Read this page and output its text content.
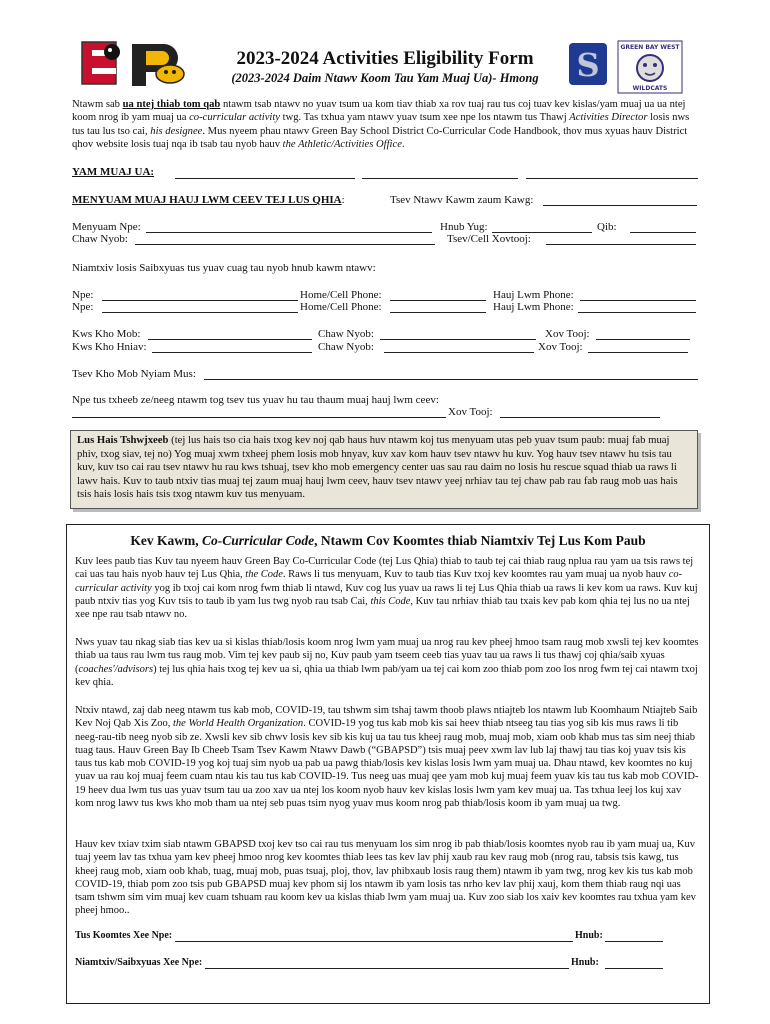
S	GREEN BAY WEST
WILDCATS
2023-2024 Activities Eligibility Form
(2023-2024 Daim Ntawv Koom Tau Yam Muaj Ua)- Hmong
Ntawm sab ua ntej thiab tom qab ntawm tsab ntawv no yuav tsum ua kom tiav thiab xa rov tuaj rau tus coj tuav kev kislas/yam muaj ua ua ntej koom nrog ib yam muaj ua co-curricular activity twg. Tas txhua yam ntawv yuav tsum xee npe los ntawm tus Thawj Activities Director losis nws tus tau lus tso cai, his designee. Mus nyeem phau ntawv Green Bay School District Co-Curricular Code Handbook, thov mus xyuas hauv District qhov website losis tuaj nqa ib tsab tau nyob hauv the Athletic/Activities Office.
YAM MUAJ UA:
MENYUAM MUAJ HAUJ LWM CEEV TEJ LUS QHIA:	Tsev Ntawv Kawm zaum Kawg:
Menyuam Npe:	Hnub Yug:	Qib:
Chaw Nyob:	Tsev/Cell Xovtooj:
Niamtxiv losis Saibxyuas tus yuav cuag tau nyob hnub kawm ntawv:
Npe:	Home/Cell Phone:	Hauj Lwm Phone:
Npe:	Home/Cell Phone:	Hauj Lwm Phone:
Kws Kho Mob:	Chaw Nyob:	Xov Tooj:
Kws Kho Hniav:	Chaw Nyob:	Xov Tooj:
Tsev Kho Mob Nyiam Mus:
Npe tus txheeb ze/neeg ntawm tog tsev tus yuav hu tau thaum muaj hauj lwm ceev:
Xov Tooj:
Lus Hais Tshwjxeeb (tej lus hais tso cia hais txog kev noj qab haus huv ntawm koj tus menyuam utas peb yuav tsum paub: muaj fab muaj phiv, txog siav, tej no) Yog muaj xwm txheej phem losis mob hnyav, kuv xav kom hauv tsev ntawv hu kuv. Yog hauv tsev ntawv hu tsis tau kuv, kuv tso cai rau tsev ntawv hu rau kws tshuaj, tsev kho mob emergency center uas sau rau daim no losis hu rescue squad thiab ua raws li lawv hais. Kuv to taub ntxiv tias muaj tej zaum muaj hauj lwm ceev, hauv tsev ntawv yeej nrhiav tau tej chaw pab rau fab raug mob uas hais tsis hais losis hais tsis txog ntawm kuv tus menyuam.
Kev Kawm, Co-Curricular Code, Ntawm Cov Koomtes thiab Niamtxiv Tej Lus Kom Paub
Kuv lees paub tias Kuv tau nyeem hauv Green Bay Co-Curricular Code (tej Lus Qhia) thiab to taub tej cai thiab raug nplua rau yam ua tsis raws tej cai uas tau hais nyob hauv tej Lus Qhia, the Code. Raws li tus menyuam, Kuv to taub tias Kuv txoj kev koomtes rau yam muaj ua nyob hauv co-curricular activity yog ib txoj cai kom nrog fwm thiab li ntawd, Kuv cog lus yuav ua raws li tej Lus Qhia thiab ua raws li kev kom ua raws. Kuv kuj paub ntxiv tias yog Kuv tsis to taub ib yam lus twg nyob rau tsab Cai, this Code, Kuv tau nrhiav thiab tau txais kev pab kom qhia tej lus no ua ntej xee npe rau tsab ntawv no.
Nws yuav tau nkag siab tias kev ua si kislas thiab/losis koom nrog lwm yam muaj ua nrog rau kev pheej hmoo tsam raug mob xwsli tej kev koomtes thiab ua taus rau lwm tus raug mob. Vim tej kev paub sij no, Kuv paub yam tseem ceeb tias yuav tau ua raws li tus thawj coj qhia/saib xyuas (coaches'/advisors) tej lus qhia hais txog tej kev ua si, qhia ua thiab lwm pab/yam ua tej cai kom zoo thiab pom zoo los nrog fwm tej cai ntawm txoj kev qhia.
Ntxiv ntawd, zaj dab neeg ntawm tus kab mob, COVID-19, tau tshwm sim tshaj tawm thoob plaws ntiajteb los ntawm lub Koomhaum Ntiajteb Saib Kev Noj Qab Xis Zoo, the World Health Organization. COVID-19 yog tus kab mob kis sai heev thiab ntseeg tau tias yog sib kis mus raws li tib neeg-rau-tib neeg nyob sib ze. Xwsli kev sib chwv losis kev sib kis kuj ua tau tus kheej raug mob, muaj mob, xiam oob khab mus tas sim neej thiab tuag taus. Hauv Green Bay Ib Cheeb Tsam Tsev Kawm Ntawv Dawb (“GBAPSD”) tsis muaj peev xwm lav lub laj thawj tau tias koj yuav tsis kis taus tus kab mob COVID-19 yog koj tuaj sim nyob ua pab ua pawg thiab/losis kev kislas losis lwm yam muaj ua. Dhau ntawd, kev koomtes no kuj yuav ua rau koj muaj feem cuam ntau kis tau tus kab COVID-19. Tus neeg uas muaj qee yam mob kuj muaj feem yuav kis tau tus kab mob COVID-19 heev dua lwm tus uas yuav tsum tau ua zoo xav ua ntej los koom nyob hauv kev kislas losis lwm yam kev muaj ua. Tas txhua leej los kuj xav kom nrog lawv tus kws kho mob tham ua ntej seb puas tsim nyog yuav mus koom nrog pab thiab/losis koom ib yam muaj ua twg.
Hauv kev txiav txim siab ntawm GBAPSD txoj kev tso cai rau tus menyuam los sim nrog ib pab thiab/losis koomtes nyob rau ib yam muaj ua, Kuv tuaj yeem lav tas txhua yam kev pheej hmoo nrog kev koomtes thiab lees tas kev lav phij xaub rau kev raug mob (nrog rau, tabsis tsis kawg, tus kheej raug mob, xiam oob khab, tuag, muaj mob, puas tsuaj, ploj, thov, lav phibxaub losis raug them) ntawm ib yam twg, nrog kev kis tus kab mob COVID-19, thiab pom zoo tsis pub GBAPSD muaj kev phom sij los ntawm ib yam losis tas nrho kev lav phij xauj, kom them thiab raug nqi uas tsam tshwm sim vim muaj kev cuam tshuam rau koom kev ua kislas thiab lwm yam muaj ua. Kuv zoo siab los xaiv kev koomtes rau txhua yam kev pheej hmoo..
Tus Koomtes Xee Npe:	Hnub:
Niamtxiv/Saibxyuas Xee Npe:	Hnub:
